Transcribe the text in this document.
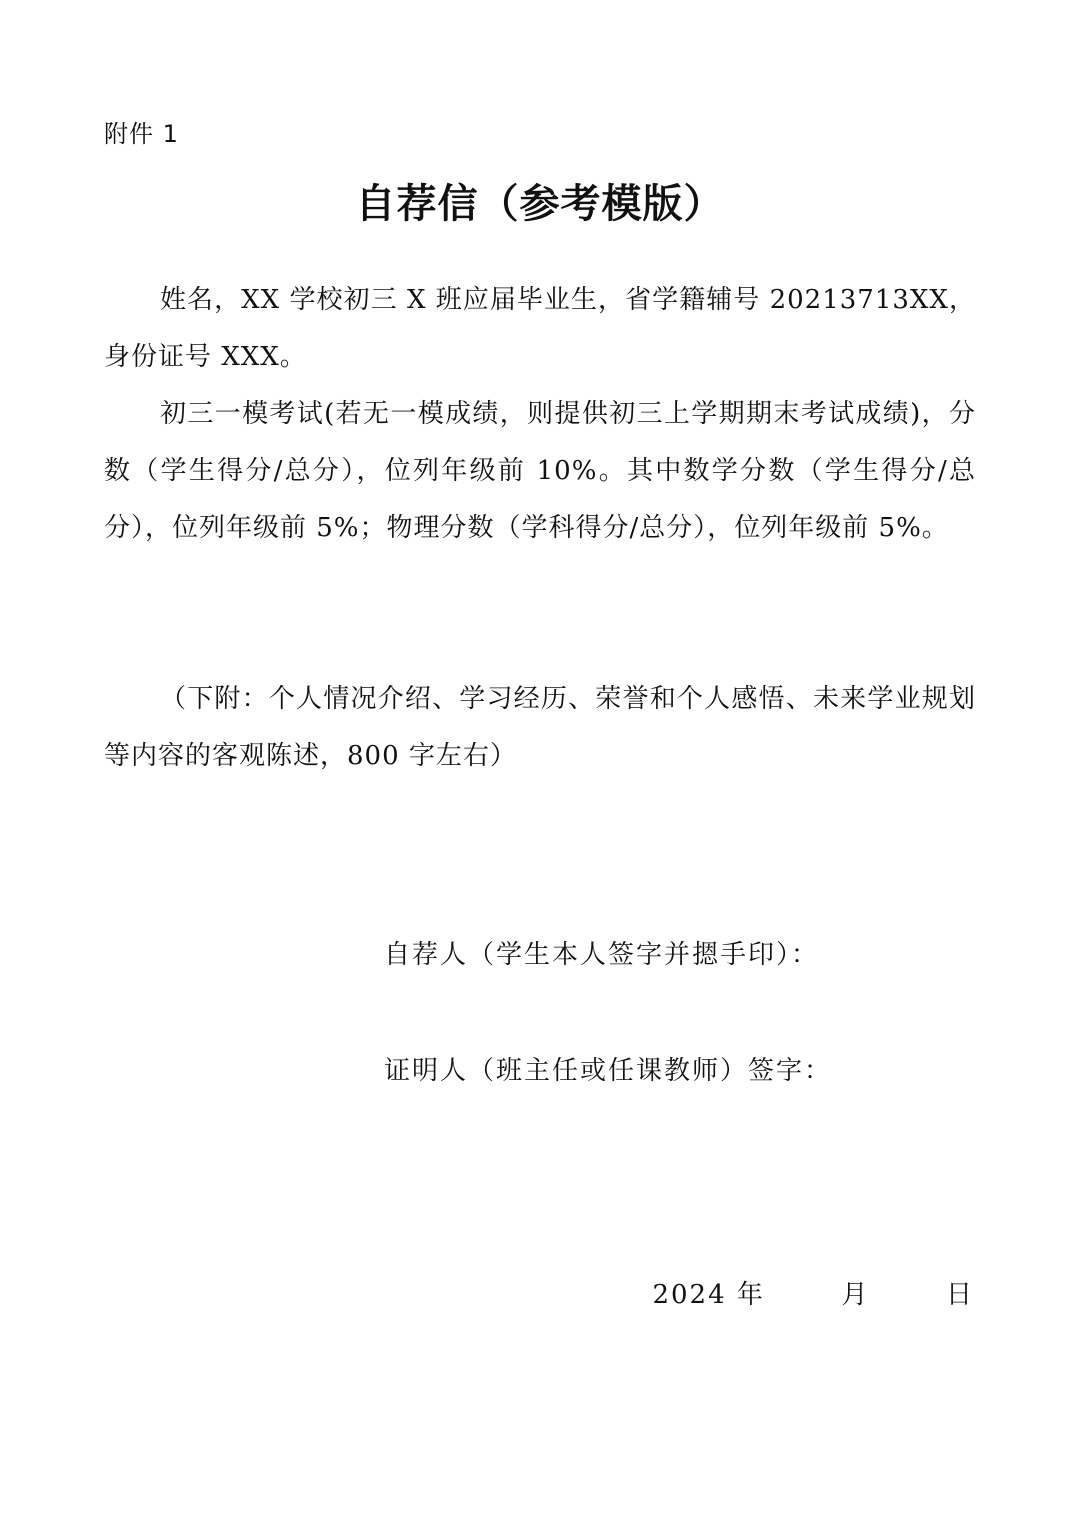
附件 1
自荐信（参考模版）

姓名，XX 学校初三 X 班应届毕业生，省学籍辅号 20213713XX，身份证号 XXX。

初三一模考试(若无一模成绩，则提供初三上学期期末考试成绩)，分数（学生得分/总分），位列年级前 10%。其中数学分数（学生得分/总分），位列年级前 5%；物理分数（学科得分/总分），位列年级前 5%。

（下附：个人情况介绍、学习经历、荣誉和个人感悟、未来学业规划等内容的客观陈述，800 字左右）

自荐人（学生本人签字并摁手印）：
证明人（班主任或任课教师）签字：
2024 年	月	日
